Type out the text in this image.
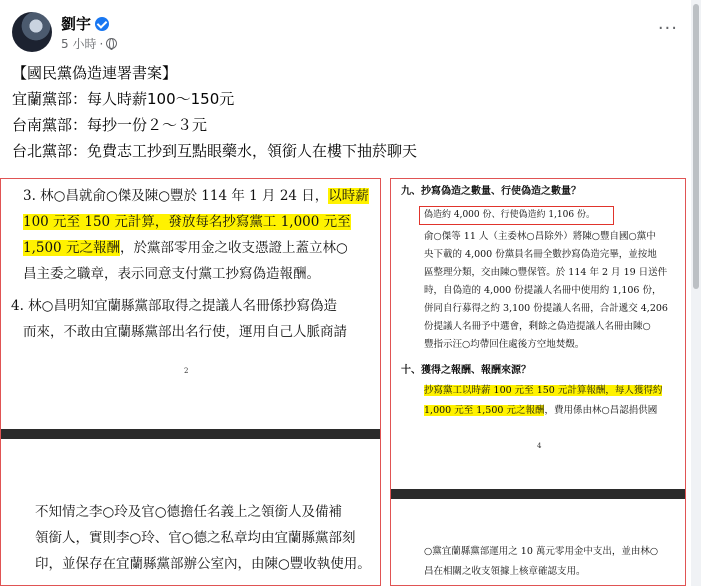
劉宇
5 小時 ·
···
【國民黨偽造連署書案】
宜蘭黨部：每人時薪100～150元
台南黨部：每抄一份２～３元
台北黨部：免費志工抄到互點眼藥水，領銜人在樓下抽菸聊天
3. 林○昌就俞○傑及陳○豐於 114 年 1 月 24 日，以時薪
100 元至 150 元計算，發放每名抄寫黨工 1,000 元至
1,500 元之報酬，於黨部零用金之收支憑證上蓋立林○
昌主委之職章，表示同意支付黨工抄寫偽造報酬。
4. 林○昌明知宜蘭縣黨部取得之提議人名冊係抄寫偽造
而來，不敢由宜蘭縣黨部出名行使，運用自己人脈商請
2
不知情之李○玲及官○德擔任名義上之領銜人及備補
領銜人，實則李○玲、官○德之私章均由宜蘭縣黨部刻
印，並保存在宜蘭縣黨部辦公室內，由陳○豐收執使用。
九、抄寫偽造之數量、行使偽造之數量？
偽造約 4,000 份、行使偽造約 1,106 份。
俞○傑等 11 人（主委林○昌除外）將陳○豐自國○黨中
央下載的 4,000 份黨員名冊全數抄寫偽造完畢，並按地
區整理分類，交由陳○豐保管。於 114 年 2 月 19 日送件
時，自偽造的 4,000 份提議人名冊中使用約 1,106 份，
併同自行募得之約 3,100 份提議人名冊，合計遞交 4,206
份提議人名冊予中選會，剩餘之偽造提議人名冊由陳○
豐指示汪○均帶回住處後方空地焚燬。
十、獲得之報酬、報酬來源？
抄寫黨工以時薪 100 元至 150 元計算報酬，每人獲得約
1,000 元至 1,500 元之報酬，費用係由林○昌認捐供國
4
○黨宜蘭縣黨部運用之 10 萬元零用金中支出，並由林○
昌在相關之收支領據上核章確認支用。
